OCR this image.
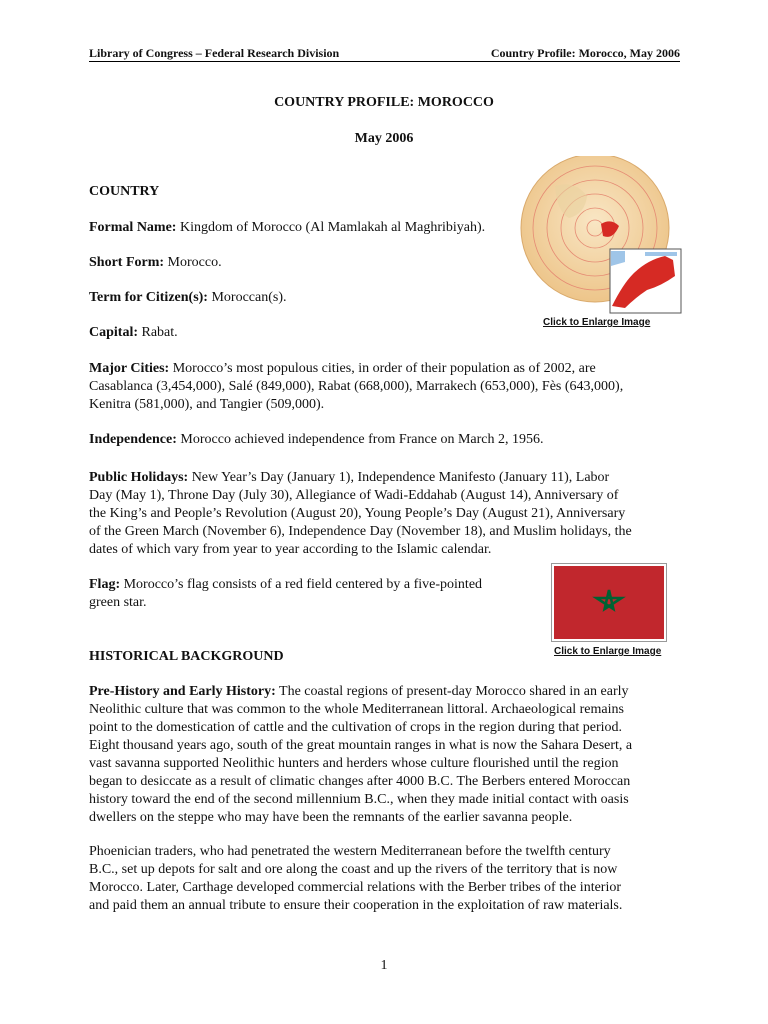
Library of Congress – Federal Research Division	Country Profile: Morocco, May 2006
COUNTRY PROFILE: MOROCCO
May 2006
COUNTRY
Click to Enlarge Image
Formal Name: Kingdom of Morocco (Al Mamlakah al Maghribiyah).
Short Form: Morocco.
Term for Citizen(s): Moroccan(s).
Capital: Rabat.
Major Cities: Morocco’s most populous cities, in order of their population as of 2002, are
Casablanca (3,454,000), Salé (849,000), Rabat (668,000), Marrakech (653,000), Fès (643,000),
Kenitra (581,000), and Tangier (509,000).
Independence: Morocco achieved independence from France on March 2, 1956.
Public Holidays: New Year’s Day (January 1), Independence Manifesto (January 11), Labor
Day (May 1), Throne Day (July 30), Allegiance of Wadi-Eddahab (August 14), Anniversary of
the King’s and People’s Revolution (August 20), Young People’s Day (August 21), Anniversary
of the Green March (November 6), Independence Day (November 18), and Muslim holidays, the
dates of which vary from year to year according to the Islamic calendar.
Flag: Morocco’s flag consists of a red field centered by a five-pointed
green star.
Click to Enlarge Image
HISTORICAL BACKGROUND
Pre-History and Early History: The coastal regions of present-day Morocco shared in an early
Neolithic culture that was common to the whole Mediterranean littoral. Archaeological remains
point to the domestication of cattle and the cultivation of crops in the region during that period.
Eight thousand years ago, south of the great mountain ranges in what is now the Sahara Desert, a
vast savanna supported Neolithic hunters and herders whose culture flourished until the region
began to desiccate as a result of climatic changes after 4000 B.C. The Berbers entered Moroccan
history toward the end of the second millennium B.C., when they made initial contact with oasis
dwellers on the steppe who may have been the remnants of the earlier savanna people.
Phoenician traders, who had penetrated the western Mediterranean before the twelfth century
B.C., set up depots for salt and ore along the coast and up the rivers of the territory that is now
Morocco. Later, Carthage developed commercial relations with the Berber tribes of the interior
and paid them an annual tribute to ensure their cooperation in the exploitation of raw materials.
1
